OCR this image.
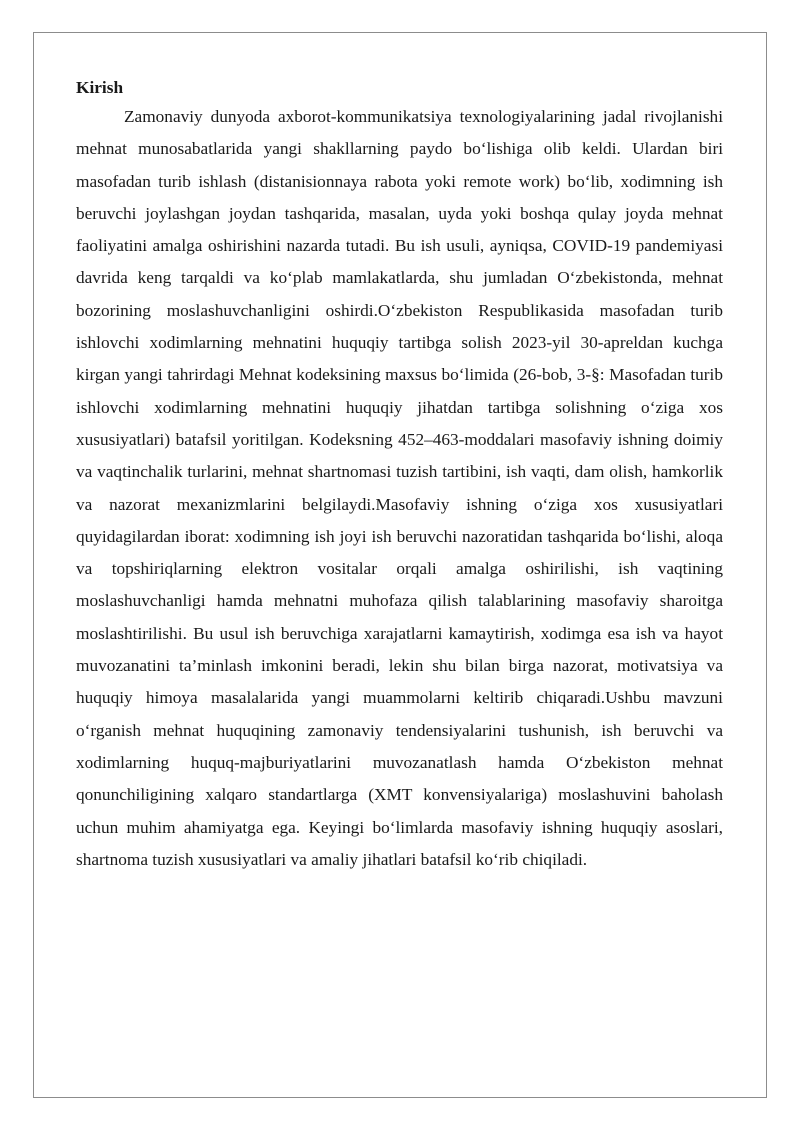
Kirish

Zamonaviy dunyoda axborot-kommunikatsiya texnologiyalarining jadal rivojlanishi mehnat munosabatlarida yangi shakllarning paydo bo‘lishiga olib keldi. Ulardan biri masofadan turib ishlash (distanisionnaya rabota yoki remote work) bo‘lib, xodimning ish beruvchi joylashgan joydan tashqarida, masalan, uyda yoki boshqa qulay joyda mehnat faoliyatini amalga oshirishini nazarda tutadi. Bu ish usuli, ayniqsa, COVID-19 pandemiyasi davrida keng tarqaldi va ko‘plab mamlakatlarda, shu jumladan O‘zbekistonda, mehnat bozorining moslashuvchanligini oshirdi.O‘zbekiston Respublikasida masofadan turib ishlovchi xodimlarning mehnatini huquqiy tartibga solish 2023-yil 30-apreldan kuchga kirgan yangi tahrirdagi Mehnat kodeksining maxsus bo‘limida (26-bob, 3-§: Masofadan turib ishlovchi xodimlarning mehnatini huquqiy jihatdan tartibga solishning o‘ziga xos xususiyatlari) batafsil yoritilgan. Kodeksning 452–463-moddalari masofaviy ishning doimiy va vaqtinchalik turlarini, mehnat shartnomasi tuzish tartibini, ish vaqti, dam olish, hamkorlik va nazorat mexanizmlarini belgilaydi.Masofaviy ishning o‘ziga xos xususiyatlari quyidagilardan iborat: xodimning ish joyi ish beruvchi nazoratidan tashqarida bo‘lishi, aloqa va topshiriqlarning elektron vositalar orqali amalga oshirilishi, ish vaqtining moslashuvchanligi hamda mehnatni muhofaza qilish talablarining masofaviy sharoitga moslashtirilishi. Bu usul ish beruvchiga xarajatlarni kamaytirish, xodimga esa ish va hayot muvozanatini ta’minlash imkonini beradi, lekin shu bilan birga nazorat, motivatsiya va huquqiy himoya masalalarida yangi muammolarni keltirib chiqaradi.Ushbu mavzuni o‘rganish mehnat huquqining zamonaviy tendensiyalarini tushunish, ish beruvchi va xodimlarning huquq-majburiyatlarini muvozanatlash hamda O‘zbekiston mehnat qonunchiligining xalqaro standartlarga (XMT konvensiyalariga) moslashuvini baholash uchun muhim ahamiyatga ega. Keyingi bo‘limlarda masofaviy ishning huquqiy asoslari, shartnoma tuzish xususiyatlari va amaliy jihatlari batafsil ko‘rib chiqiladi.
